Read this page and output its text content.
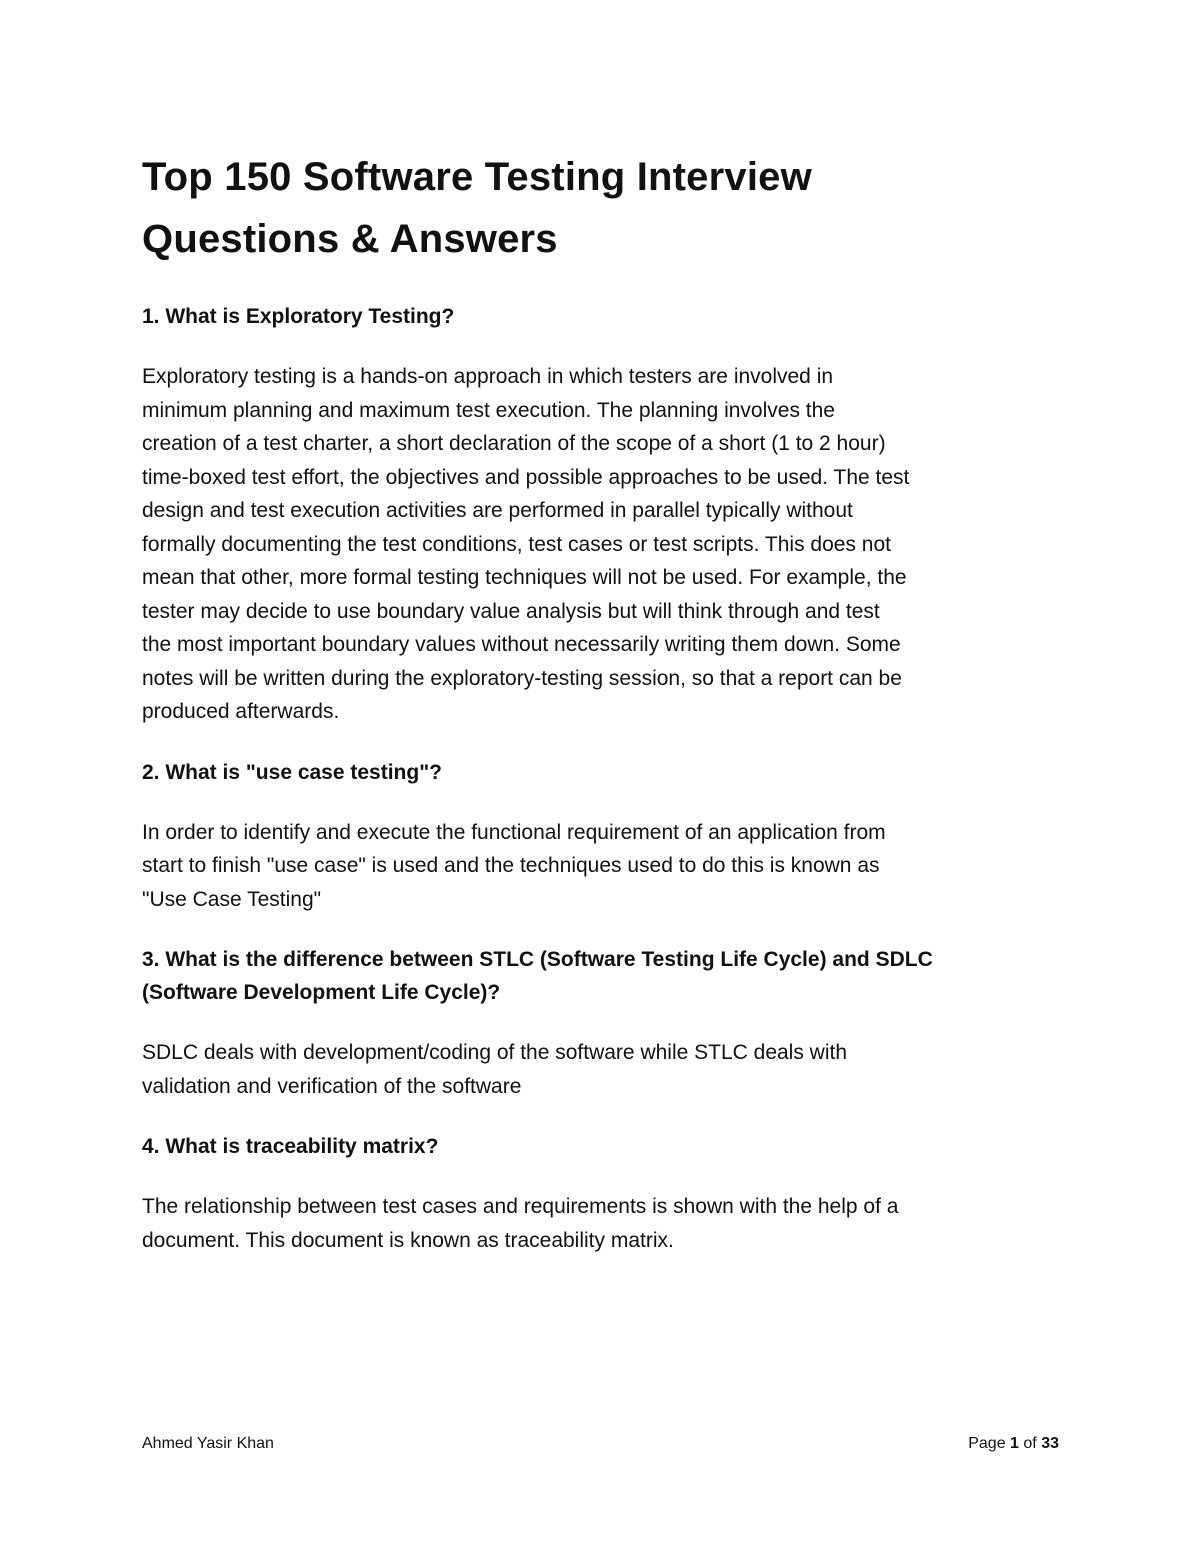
Top 150 Software Testing Interview
Questions & Answers
1. What is Exploratory Testing?

Exploratory testing is a hands-on approach in which testers are involved in
minimum planning and maximum test execution. The planning involves the
creation of a test charter, a short declaration of the scope of a short (1 to 2 hour)
time-boxed test effort, the objectives and possible approaches to be used. The test
design and test execution activities are performed in parallel typically without
formally documenting the test conditions, test cases or test scripts. This does not
mean that other, more formal testing techniques will not be used. For example, the
tester may decide to use boundary value analysis but will think through and test
the most important boundary values without necessarily writing them down. Some
notes will be written during the exploratory-testing session, so that a report can be
produced afterwards.

2. What is "use case testing"?

In order to identify and execute the functional requirement of an application from
start to finish "use case" is used and the techniques used to do this is known as
"Use Case Testing"

3. What is the difference between STLC (Software Testing Life Cycle) and SDLC
(Software Development Life Cycle)?

SDLC deals with development/coding of the software while STLC deals with
validation and verification of the software

4. What is traceability matrix?

The relationship between test cases and requirements is shown with the help of a
document. This document is known as traceability matrix.

Ahmed Yasir Khan	Page 1 of 33
